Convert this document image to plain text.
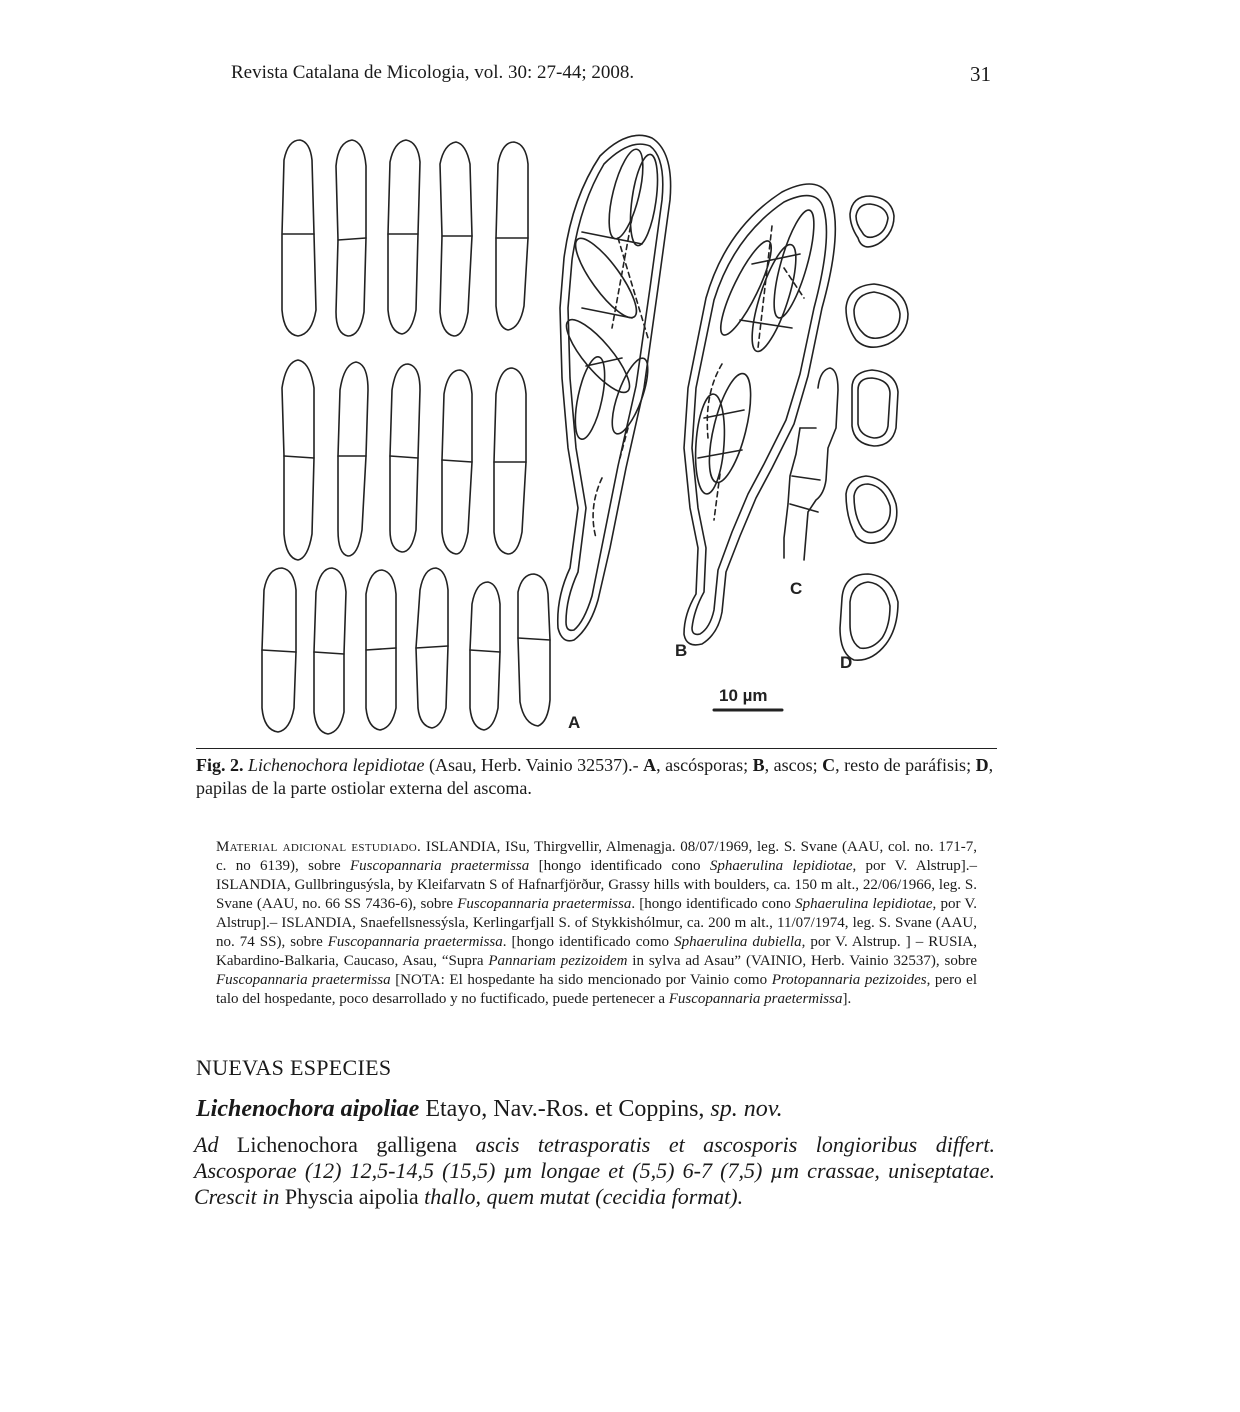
Revista Catalana de Micologia, vol. 30: 27-44; 2008.	31
A
B
C
D
10 µm
Fig. 2. Lichenochora lepidiotae (Asau, Herb. Vainio 32537).- A, ascósporas; B, ascos; C, resto de paráfisis; D, papilas de la parte ostiolar externa del ascoma.
Material adicional estudiado. ISLANDIA, ISu, Thirgvellir, Almenagja. 08/07/1969, leg. S. Svane (AAU, col. no. 171-7, c. no 6139), sobre Fuscopannaria praetermissa [hongo identificado cono Sphaerulina lepidiotae, por V. Alstrup].– ISLANDIA, Gullbringusýsla, by Kleifarvatn S of Hafnarfjörður, Grassy hills with boulders, ca. 150 m alt., 22/06/1966, leg. S. Svane (AAU, no. 66 SS 7436-6), sobre Fuscopannaria praetermissa. [hongo identificado cono Sphaerulina lepidiotae, por V. Alstrup].– ISLANDIA, Snaefellsnessýsla, Kerlingarfjall S. of Stykkishólmur, ca. 200 m alt., 11/07/1974, leg. S. Svane (AAU, no. 74 SS), sobre Fuscopannaria praetermissa. [hongo identificado como Sphaerulina dubiella, por V. Alstrup. ] – RUSIA, Kabardino-Balkaria, Caucaso, Asau, “Supra Pannariam pezizoidem in sylva ad Asau” (VAINIO, Herb. Vainio 32537), sobre Fuscopannaria praetermissa [NOTA: El hospedante ha sido mencionado por Vainio como Protopannaria pezizoides, pero el talo del hospedante, poco desarrollado y no fuctificado, puede pertenecer a Fuscopannaria praetermissa].
NUEVAS ESPECIES
Lichenochora aipoliae Etayo, Nav.-Ros. et Coppins, sp. nov.
Ad Lichenochora galligena ascis tetrasporatis et ascosporis longioribus differt. Ascosporae (12) 12,5-14,5 (15,5) µm longae et (5,5) 6-7 (7,5) µm crassae, uniseptatae. Crescit in Physcia aipolia thallo, quem mutat (cecidia format).
